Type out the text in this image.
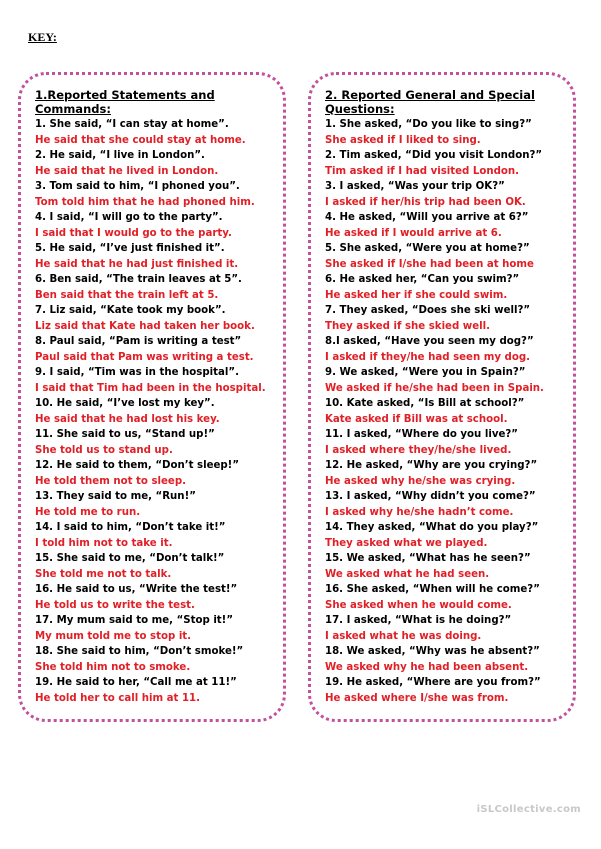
KEY:
1.Reported Statements and
Commands:
1. She said, “I can stay at home”.
He said that she could stay at home.
2. He said, “I live in London”.
He said that he lived in London.
3. Tom said to him, “I phoned you”.
Tom told him that he had phoned him.
4. I said, “I will go to the party”.
I said that I would go to the party.
5. He said, “I’ve just finished it”.
He said that he had just finished it.
6. Ben said, “The train leaves at 5”.
Ben said that the train left at 5.
7. Liz said, “Kate took my book”.
Liz said that Kate had taken her book.
8. Paul said, “Pam is writing a test”
Paul said that Pam was writing a test.
9. I said, “Tim was in the hospital”.
I said that Tim had been in the hospital.
10. He said, “I’ve lost my key”.
He said that he had lost his key.
11. She said to us, “Stand up!”
She told us to stand up.
12. He said to them, “Don’t sleep!”
He told them not to sleep.
13. They said to me, “Run!”
He told me to run.
14. I said to him, “Don’t take it!”
I told him not to take it.
15. She said to me, “Don’t talk!”
She told me not to talk.
16. He said to us, “Write the test!”
He told us to write the test.
17. My mum said to me, “Stop it!”
My mum told me to stop it.
18. She said to him, “Don’t smoke!”
She told him not to smoke.
19. He said to her, “Call me at 11!”
He told her to call him at 11.
2. Reported General and Special
Questions:
1. She asked, “Do you like to sing?”
She asked if I liked to sing.
2. Tim asked, “Did you visit London?”
Tim asked if I had visited London.
3. I asked, “Was your trip OK?”
I asked if her/his trip had been OK.
4. He asked, “Will you arrive at 6?”
He asked if I would arrive at 6.
5. She asked, “Were you at home?”
She asked if I/she had been at home
6. He asked her, “Can you swim?”
He asked her if she could swim.
7. They asked, “Does she ski well?”
They asked if she skied well.
8.I asked, “Have you seen my dog?”
I asked if they/he had seen my dog.
9. We asked, “Were you in Spain?”
We asked if he/she had been in Spain.
10. Kate asked, “Is Bill at school?”
Kate asked if Bill was at school.
11. I asked, “Where do you live?”
I asked where they/he/she lived.
12. He asked, “Why are you crying?”
He asked why he/she was crying.
13. I asked, “Why didn’t you come?”
I asked why he/she hadn’t come.
14. They asked, “What do you play?”
They asked what we played.
15. We asked, “What has he seen?”
We asked what he had seen.
16. She asked, “When will he come?”
She asked when he would come.
17. I asked, “What is he doing?”
I asked what he was doing.
18. We asked, “Why was he absent?”
We asked why he had been absent.
19. He asked, “Where are you from?”
He asked where I/she was from.
iSLCollective.com
